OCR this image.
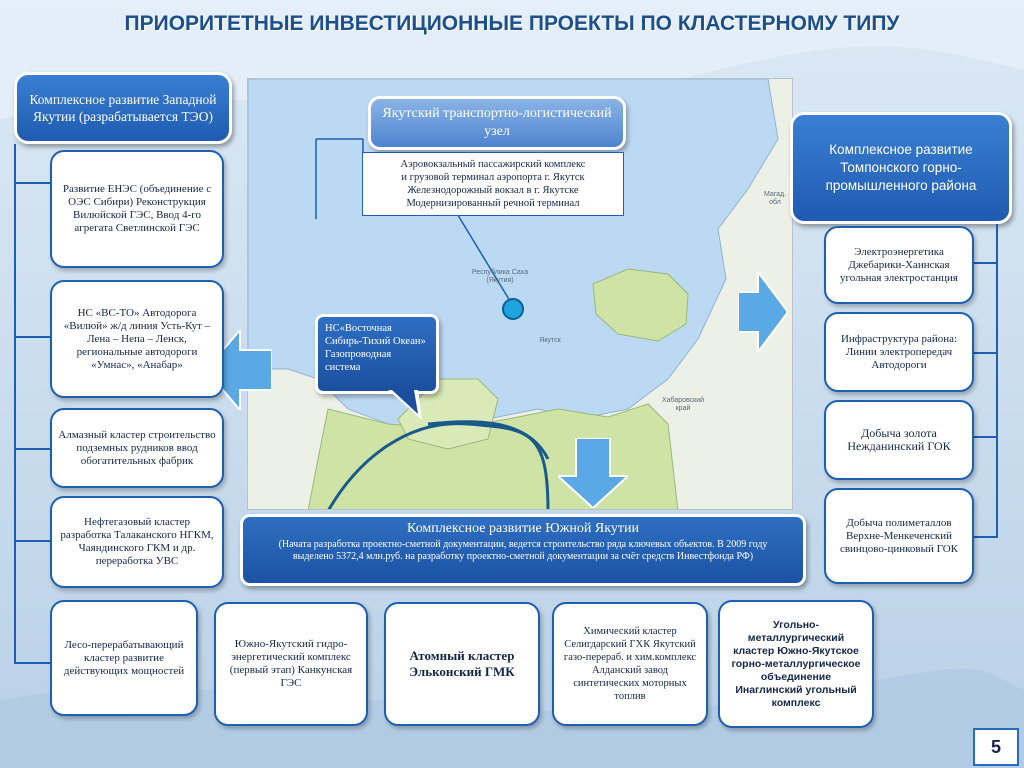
ПРИОРИТЕТНЫЕ ИНВЕСТИЦИОННЫЕ ПРОЕКТЫ ПО КЛАСТЕРНОМУ ТИПУ
Республика Саха (Якутия)
Якутск
Хабаровский край
Магад. обл
Якутский транспортно-логистический узел
Аэровокзальный пассажирский комплекс
и грузовой терминал аэропорта г. Якутск
Железнодорожный вокзал в г. Якутске
Модернизированный речной терминал
НС«Восточная Сибирь-Тихий Океан» Газопроводная система
Комплексное развитие Западной Якутии (разрабатывается ТЭО)
Развитие ЕНЭС (объединение с ОЭС Сибири) Реконструкция Вилюйской ГЭС, Ввод 4-го агрегата Светлинской ГЭС
НС «ВС-ТО» Автодорога «Вилюй» ж/д линия Усть-Кут – Лена – Непа – Ленск, региональные автодороги «Умнас», «Анабар»
Алмазный кластер строительство подземных рудников ввод обогатительных фабрик
Нефтегазовый кластер разработка Талаканского НГКМ, Чаяндинского ГКМ и др. переработка УВС
Лесо-перерабатывающий кластер развитие действующих мощностей
Комплексное развитие Томпонского горно-промышленного района
Электроэнергетика Джебарики-Хаинская угольная электростанция
Инфраструктура района: Линии электропередач Автодороги
Добыча золота Нежданинский ГОК
Добыча полиметаллов Верхне-Менкеченский свинцово-цинковый ГОК
Комплексное развитие Южной Якутии
(Начата разработка проектно-сметной документации, ведется строительство ряда ключевых объектов. В 2009 году выделено 5372,4 млн.руб. на разработку проектно-сметной документации за счёт средств Инвестфонда РФ)
Южно-Якутский гидро-энергетический комплекс (первый этап) Канкунская ГЭС
Атомный кластер Эльконский ГМК
Химический кластер Селигдарский ГХК Якутский газо-перераб. и хим.комплекс Алданский завод синтетических моторных топлив
Угольно-металлургический кластер Южно-Якутское горно-металлургическое объединение Инаглинский угольный комплекс
5
